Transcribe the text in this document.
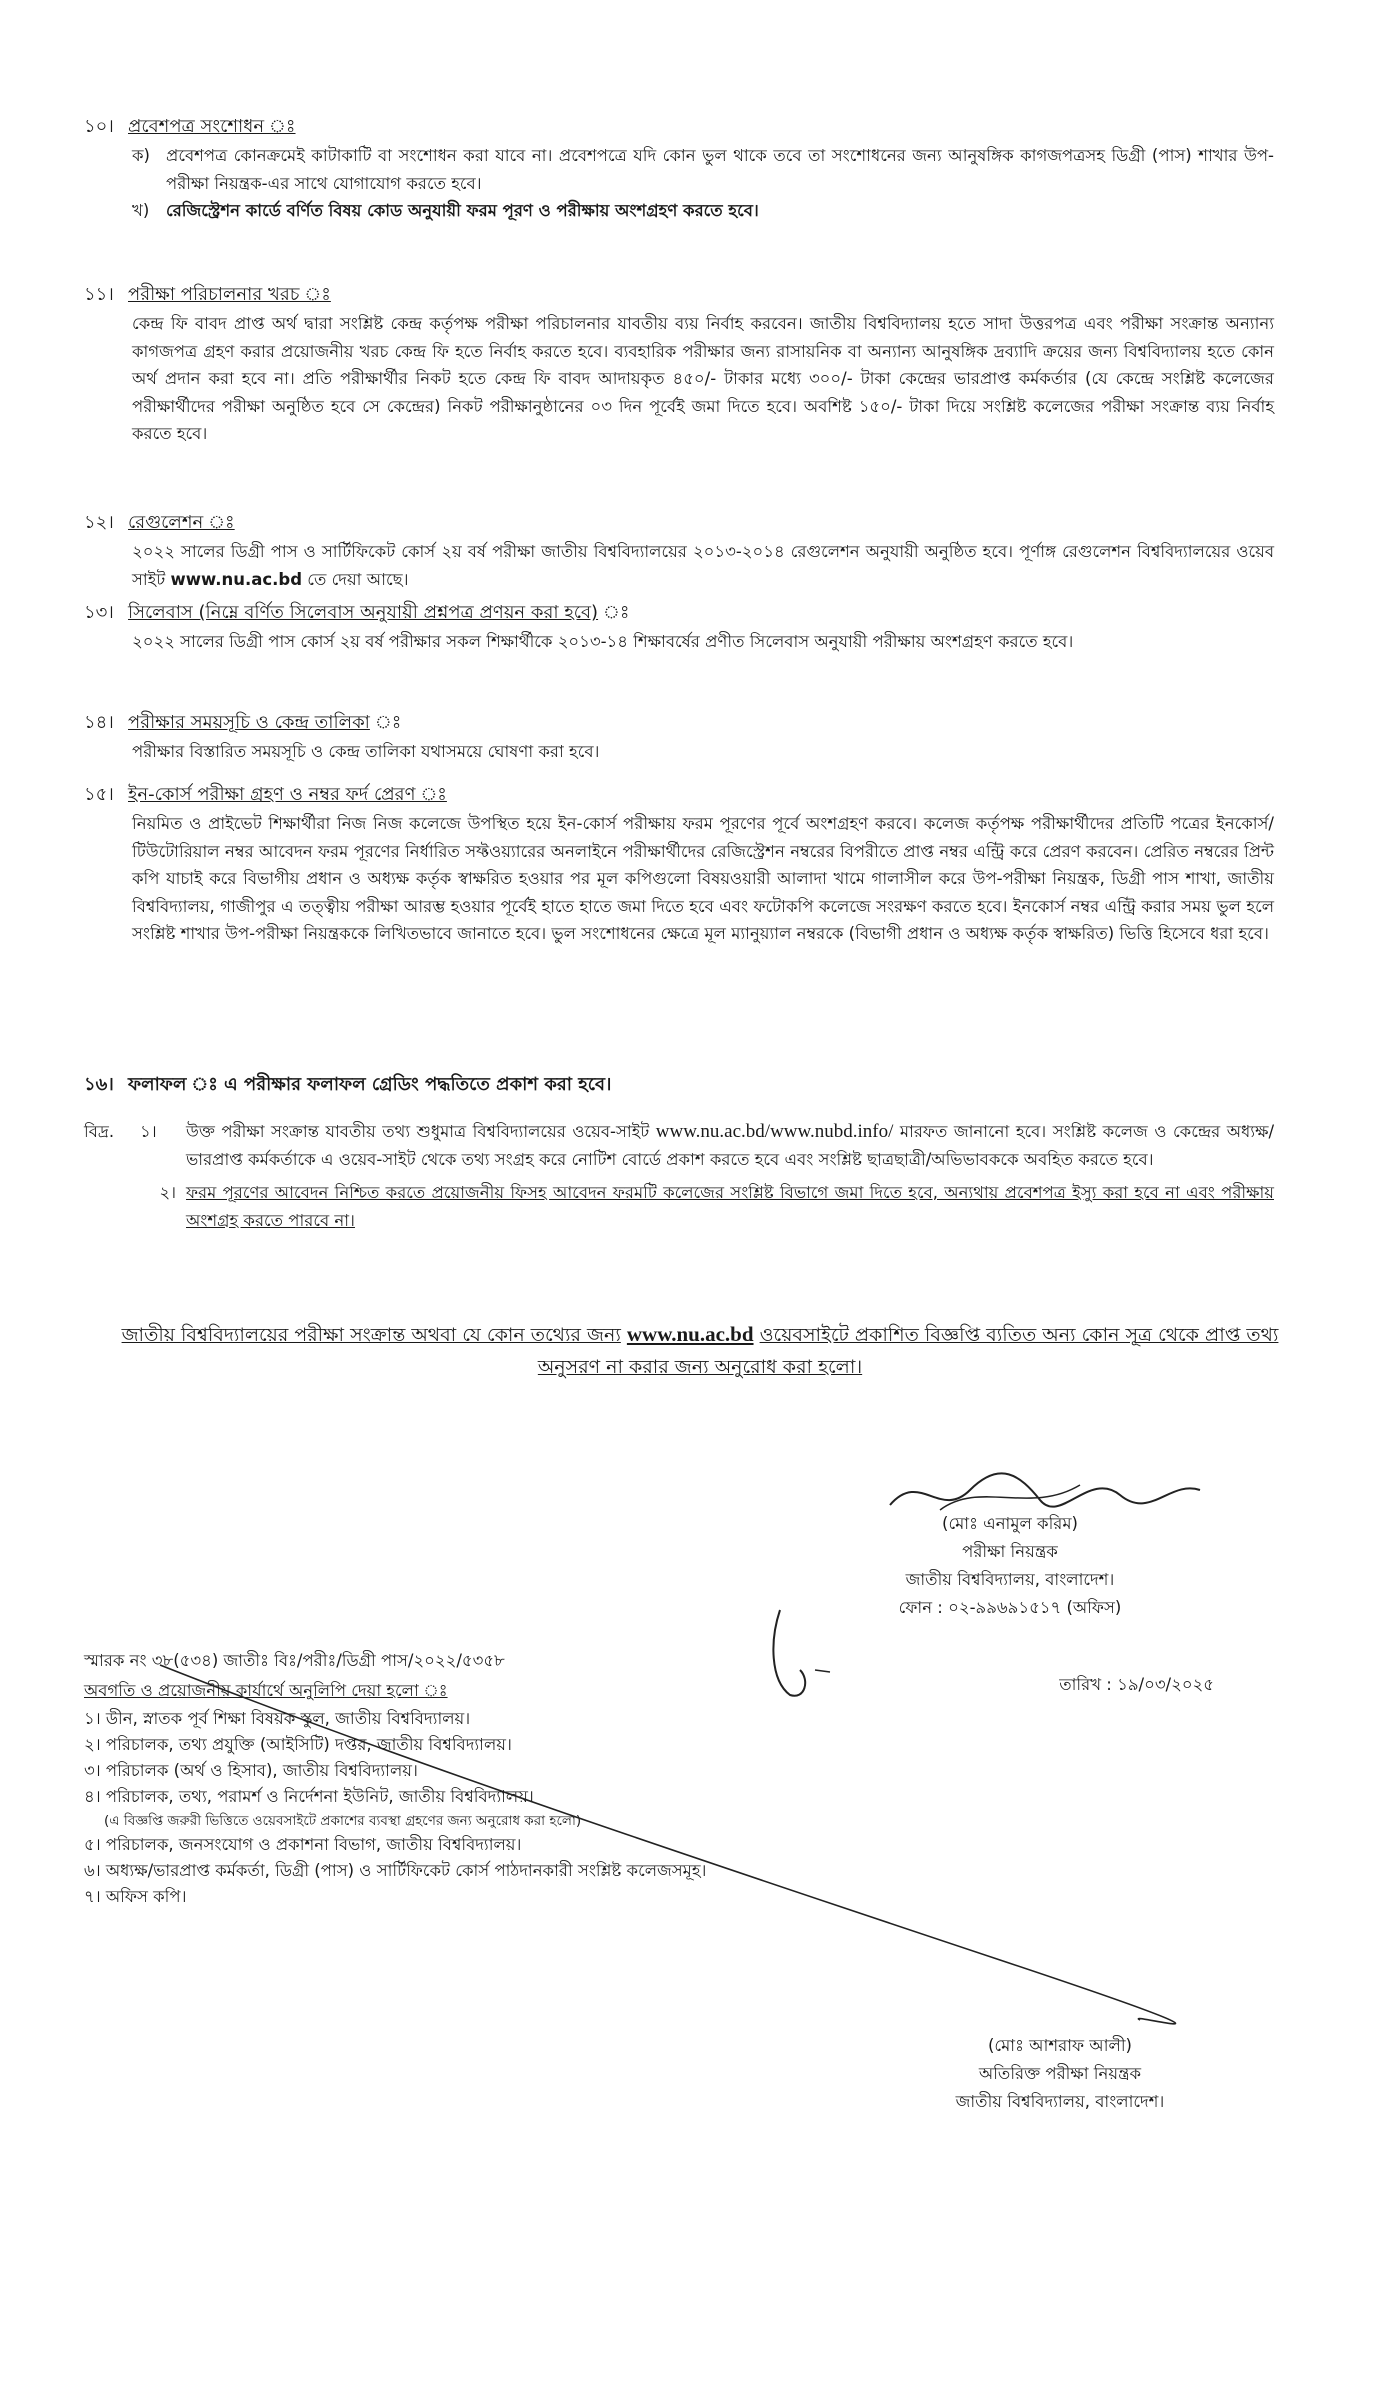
১০। প্রবেশপত্র সংশোধন ঃ
ক) প্রবেশপত্র কোনক্রমেই কাটাকাটি বা সংশোধন করা যাবে না। প্রবেশপত্রে যদি কোন ভুল থাকে তবে তা সংশোধনের জন্য আনুষঙ্গিক কাগজপত্রসহ ডিগ্রী (পাস) শাখার উপ-পরীক্ষা নিয়ন্ত্রক-এর সাথে যোগাযোগ করতে হবে।
খ)	রেজিস্ট্রেশন কার্ডে বর্ণিত বিষয় কোড অনুযায়ী ফরম পূরণ ও পরীক্ষায় অংশগ্রহণ করতে হবে।
১১। পরীক্ষা পরিচালনার খরচ ঃ

কেন্দ্র ফি বাবদ প্রাপ্ত অর্থ দ্বারা সংশ্লিষ্ট কেন্দ্র কর্তৃপক্ষ পরীক্ষা পরিচালনার যাবতীয় ব্যয় নির্বাহ করবেন। জাতীয় বিশ্ববিদ্যালয় হতে সাদা উত্তরপত্র এবং পরীক্ষা সংক্রান্ত অন্যান্য কাগজপত্র গ্রহণ করার প্রয়োজনীয় খরচ কেন্দ্র ফি হতে নির্বাহ করতে হবে। ব্যবহারিক পরীক্ষার জন্য রাসায়নিক বা অন্যান্য আনুষঙ্গিক দ্রব্যাদি ক্রয়ের জন্য বিশ্ববিদ্যালয় হতে কোন অর্থ প্রদান করা হবে না। প্রতি পরীক্ষার্থীর নিকট হতে কেন্দ্র ফি বাবদ আদায়কৃত ৪৫০/- টাকার মধ্যে ৩০০/- টাকা কেন্দ্রের ভারপ্রাপ্ত কর্মকর্তার (যে কেন্দ্রে সংশ্লিষ্ট কলেজের পরীক্ষার্থীদের পরীক্ষা অনুষ্ঠিত হবে সে কেন্দ্রের) নিকট পরীক্ষানুষ্ঠানের ০৩ দিন পূর্বেই জমা দিতে হবে। অবশিষ্ট ১৫০/- টাকা দিয়ে সংশ্লিষ্ট কলেজের পরীক্ষা সংক্রান্ত ব্যয় নির্বাহ করতে হবে।

১২। রেগুলেশন ঃ

২০২২ সালের ডিগ্রী পাস ও সার্টিফিকেট কোর্স ২য় বর্ষ পরীক্ষা জাতীয় বিশ্ববিদ্যালয়ের ২০১৩-২০১৪ রেগুলেশন অনুযায়ী অনুষ্ঠিত হবে। পূর্ণাঙ্গ রেগুলেশন বিশ্ববিদ্যালয়ের ওয়েব সাইট www.nu.ac.bd তে দেয়া আছে।

১৩। সিলেবাস (নিম্নে বর্ণিত সিলেবাস অনুযায়ী প্রশ্নপত্র প্রণয়ন করা হবে) ঃ

২০২২ সালের ডিগ্রী পাস কোর্স ২য় বর্ষ পরীক্ষার সকল শিক্ষার্থীকে ২০১৩-১৪ শিক্ষাবর্ষের প্রণীত সিলেবাস অনুযায়ী পরীক্ষায় অংশগ্রহণ করতে হবে।

১৪। পরীক্ষার সময়সূচি ও কেন্দ্র তালিকা ঃ

পরীক্ষার বিস্তারিত সময়সূচি ও কেন্দ্র তালিকা যথাসময়ে ঘোষণা করা হবে।

১৫। ইন-কোর্স পরীক্ষা গ্রহণ ও নম্বর ফর্দ প্রেরণ ঃ

নিয়মিত ও প্রাইভেট শিক্ষার্থীরা নিজ নিজ কলেজে উপস্থিত হয়ে ইন-কোর্স পরীক্ষায় ফরম পূরণের পূর্বে অংশগ্রহণ করবে। কলেজ কর্তৃপক্ষ পরীক্ষার্থীদের প্রতিটি পত্রের ইনকোর্স/টিউটোরিয়াল নম্বর আবেদন ফরম পূরণের নির্ধারিত সফ্টওয়্যারের অনলাইনে পরীক্ষার্থীদের রেজিস্ট্রেশন নম্বরের বিপরীতে প্রাপ্ত নম্বর এন্ট্রি করে প্রেরণ করবেন। প্রেরিত নম্বরের প্রিন্ট কপি যাচাই করে বিভাগীয় প্রধান ও অধ্যক্ষ কর্তৃক স্বাক্ষরিত হওয়ার পর মূল কপিগুলো বিষয়ওয়ারী আলাদা খামে গালাসীল করে উপ-পরীক্ষা নিয়ন্ত্রক, ডিগ্রী পাস শাখা, জাতীয় বিশ্ববিদ্যালয়, গাজীপুর এ তত্ত্বীয় পরীক্ষা আরম্ভ হওয়ার পূর্বেই হাতে হাতে জমা দিতে হবে এবং ফটোকপি কলেজে সংরক্ষণ করতে হবে। ইনকোর্স নম্বর এন্ট্রি করার সময় ভুল হলে সংশ্লিষ্ট শাখার উপ-পরীক্ষা নিয়ন্ত্রককে লিখিতভাবে জানাতে হবে। ভুল সংশোধনের ক্ষেত্রে মূল ম্যানুয়্যাল নম্বরকে (বিভাগী প্রধান ও অধ্যক্ষ কর্তৃক স্বাক্ষরিত) ভিত্তি হিসেবে ধরা হবে।

১৬। ফলাফল ঃ এ পরীক্ষার ফলাফল গ্রেডিং পদ্ধতিতে প্রকাশ করা হবে।
বিদ্র.	১।	উক্ত পরীক্ষা সংক্রান্ত যাবতীয় তথ্য শুধুমাত্র বিশ্ববিদ্যালয়ের ওয়েব-সাইট www.nu.ac.bd/www.nubd.info/ মারফত জানানো হবে। সংশ্লিষ্ট কলেজ ও কেন্দ্রের অধ্যক্ষ/ভারপ্রাপ্ত কর্মকর্তাকে এ ওয়েব-সাইট থেকে তথ্য সংগ্রহ করে নোটিশ বোর্ডে প্রকাশ করতে হবে এবং সংশ্লিষ্ট ছাত্রছাত্রী/অভিভাবককে অবহিত করতে হবে।
২। ফরম পূরণের আবেদন নিশ্চিত করতে প্রয়োজনীয় ফিসহ আবেদন ফরমটি কলেজের সংশ্লিষ্ট বিভাগে জমা দিতে হবে, অন্যথায় প্রবেশপত্র ইস্যু করা হবে না এবং পরীক্ষায় অংশগ্রহ করতে পারবে না।
জাতীয় বিশ্ববিদ্যালয়ের পরীক্ষা সংক্রান্ত অথবা যে কোন তথ্যের জন্য www.nu.ac.bd ওয়েবসাইটে প্রকাশিত বিজ্ঞপ্তি ব্যতিত অন্য কোন সূত্র থেকে প্রাপ্ত তথ্য অনুসরণ না করার জন্য অনুরোধ করা হলো।
(মোঃ এনামুল করিম)
পরীক্ষা নিয়ন্ত্রক
জাতীয় বিশ্ববিদ্যালয়, বাংলাদেশ।
ফোন : ০২-৯৯৬৯১৫১৭ (অফিস)
স্মারক নং ৩৮(৫৩৪) জাতীঃ বিঃ/পরীঃ/ডিগ্রী পাস/২০২২/৫৩৫৮
তারিখ : ১৯/০৩/২০২৫
অবগতি ও প্রয়োজনীয় কার্যার্থে অনুলিপি দেয়া হলো ঃ
১। ডীন, স্নাতক পূর্ব শিক্ষা বিষয়ক স্কুল, জাতীয় বিশ্ববিদ্যালয়।
২। পরিচালক, তথ্য প্রযুক্তি (আইসিটি) দপ্তর, জাতীয় বিশ্ববিদ্যালয়।
৩। পরিচালক (অর্থ ও হিসাব), জাতীয় বিশ্ববিদ্যালয়।
৪। পরিচালক, তথ্য, পরামর্শ ও নির্দেশনা ইউনিট, জাতীয় বিশ্ববিদ্যালয়।
(এ বিজ্ঞপ্তি জরুরী ভিত্তিতে ওয়েবসাইটে প্রকাশের ব্যবস্থা গ্রহণের জন্য অনুরোধ করা হলো)
৫। পরিচালক, জনসংযোগ ও প্রকাশনা বিভাগ, জাতীয় বিশ্ববিদ্যালয়।
৬। অধ্যক্ষ/ভারপ্রাপ্ত কর্মকর্তা, ডিগ্রী (পাস) ও সার্টিফিকেট কোর্স পাঠদানকারী সংশ্লিষ্ট কলেজসমূহ।
৭। অফিস কপি।
(মোঃ আশরাফ আলী)
অতিরিক্ত পরীক্ষা নিয়ন্ত্রক
জাতীয় বিশ্ববিদ্যালয়, বাংলাদেশ।
